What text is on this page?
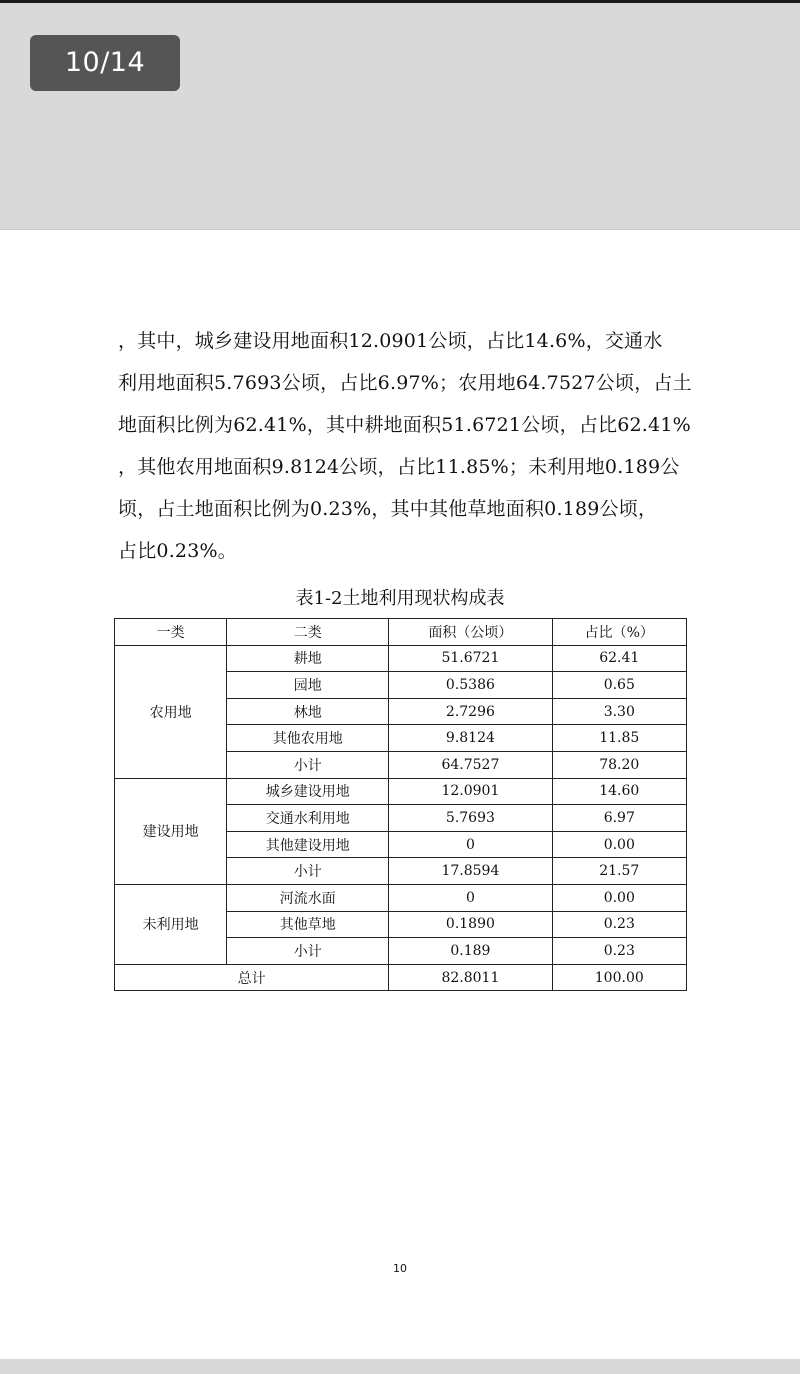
10/14
，其中，城乡建设用地面积12.0901公顷，占比14.6%，交通水
利用地面积5.7693公顷，占比6.97%；农用地64.7527公顷，占土
地面积比例为62.41%，其中耕地面积51.6721公顷，占比62.41%
，其他农用地面积9.8124公顷，占比11.85%；未利用地0.189公
顷，占土地面积比例为0.23%，其中其他草地面积0.189公顷，
占比0.23%。
表1-2土地利用现状构成表
一类	二类	面积（公顷）	占比（%）
农用地	耕地	51.6721	62.41
	园地	0.5386	0.65
	林地	2.7296	3.30
	其他农用地	9.8124	11.85
	小计	64.7527	78.20
建设用地	城乡建设用地	12.0901	14.60
	交通水利用地	5.7693	6.97
	其他建设用地	0	0.00
	小计	17.8594	21.57
未利用地	河流水面	0	0.00
	其他草地	0.1890	0.23
	小计	0.189	0.23
总计		82.8011	100.00
10
